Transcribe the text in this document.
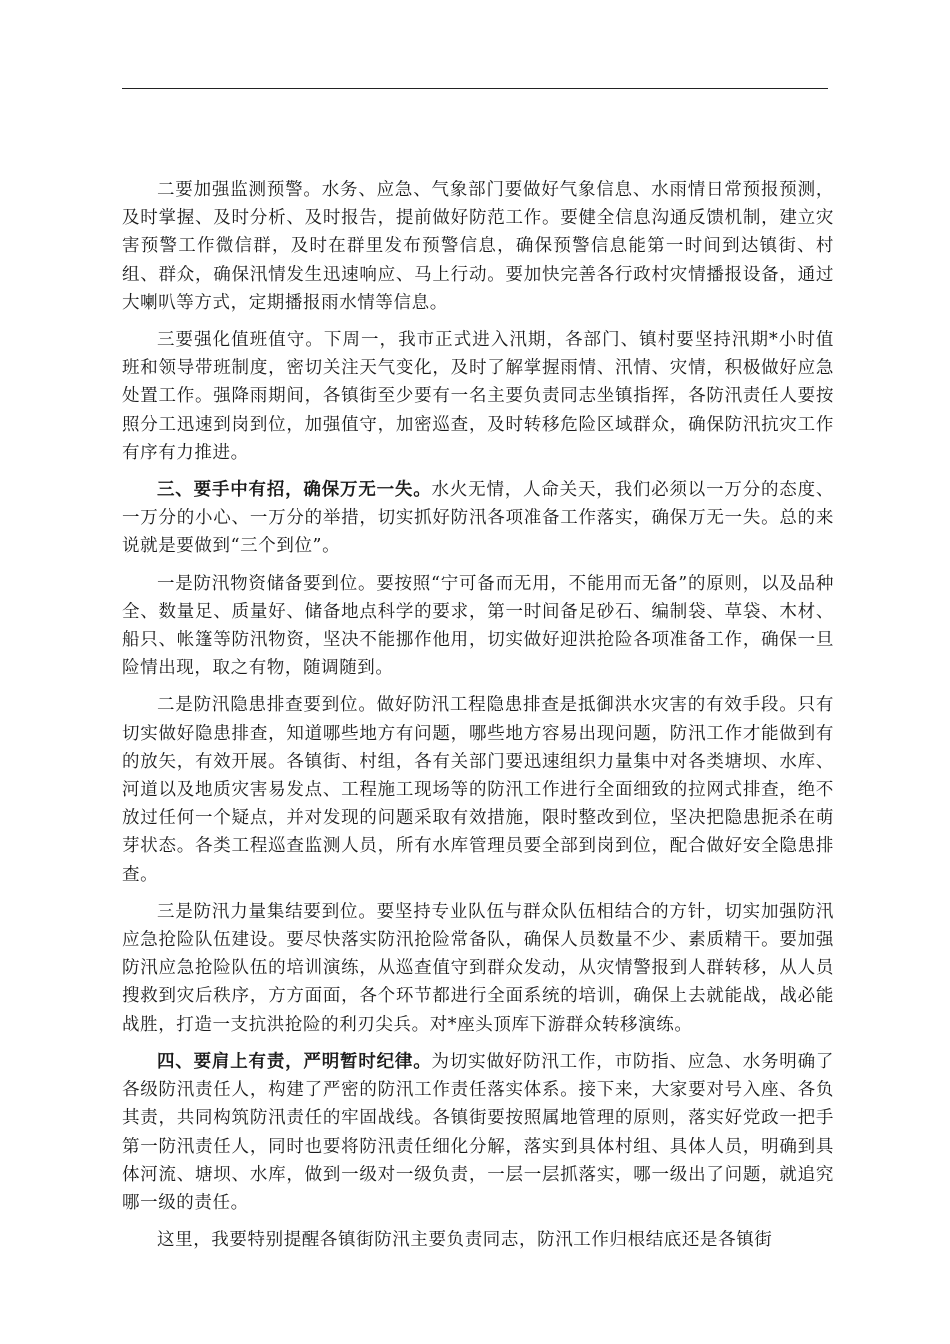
二要加强监测预警。水务、应急、气象部门要做好气象信息、水雨情日常预报预测，及时掌握、及时分析、及时报告，提前做好防范工作。要健全信息沟通反馈机制，建立灾害预警工作微信群，及时在群里发布预警信息，确保预警信息能第一时间到达镇街、村组、群众，确保汛情发生迅速响应、马上行动。要加快完善各行政村灾情播报设备，通过大喇叭等方式，定期播报雨水情等信息。

三要强化值班值守。下周一，我市正式进入汛期，各部门、镇村要坚持汛期*小时值班和领导带班制度，密切关注天气变化，及时了解掌握雨情、汛情、灾情，积极做好应急处置工作。强降雨期间，各镇街至少要有一名主要负责同志坐镇指挥，各防汛责任人要按照分工迅速到岗到位，加强值守，加密巡查，及时转移危险区域群众，确保防汛抗灾工作有序有力推进。

三、要手中有招，确保万无一失。水火无情，人命关天，我们必须以一万分的态度、一万分的小心、一万分的举措，切实抓好防汛各项准备工作落实，确保万无一失。总的来说就是要做到“三个到位”。

一是防汛物资储备要到位。要按照“宁可备而无用，不能用而无备”的原则，以及品种全、数量足、质量好、储备地点科学的要求，第一时间备足砂石、编制袋、草袋、木材、船只、帐篷等防汛物资，坚决不能挪作他用，切实做好迎洪抢险各项准备工作，确保一旦险情出现，取之有物，随调随到。

二是防汛隐患排查要到位。做好防汛工程隐患排查是抵御洪水灾害的有效手段。只有切实做好隐患排查，知道哪些地方有问题，哪些地方容易出现问题，防汛工作才能做到有的放矢，有效开展。各镇街、村组，各有关部门要迅速组织力量集中对各类塘坝、水库、河道以及地质灾害易发点、工程施工现场等的防汛工作进行全面细致的拉网式排查，绝不放过任何一个疑点，并对发现的问题采取有效措施，限时整改到位，坚决把隐患扼杀在萌芽状态。各类工程巡查监测人员，所有水库管理员要全部到岗到位，配合做好安全隐患排查。

三是防汛力量集结要到位。要坚持专业队伍与群众队伍相结合的方针，切实加强防汛应急抢险队伍建设。要尽快落实防汛抢险常备队，确保人员数量不少、素质精干。要加强防汛应急抢险队伍的培训演练，从巡查值守到群众发动，从灾情警报到人群转移，从人员搜救到灾后秩序，方方面面，各个环节都进行全面系统的培训，确保上去就能战，战必能战胜，打造一支抗洪抢险的利刃尖兵。对*座头顶库下游群众转移演练。

四、要肩上有责，严明暂时纪律。为切实做好防汛工作，市防指、应急、水务明确了各级防汛责任人，构建了严密的防汛工作责任落实体系。接下来，大家要对号入座、各负其责，共同构筑防汛责任的牢固战线。各镇街要按照属地管理的原则，落实好党政一把手第一防汛责任人，同时也要将防汛责任细化分解，落实到具体村组、具体人员，明确到具体河流、塘坝、水库，做到一级对一级负责，一层一层抓落实，哪一级出了问题，就追究哪一级的责任。

这里，我要特别提醒各镇街防汛主要负责同志，防汛工作归根结底还是各镇街
